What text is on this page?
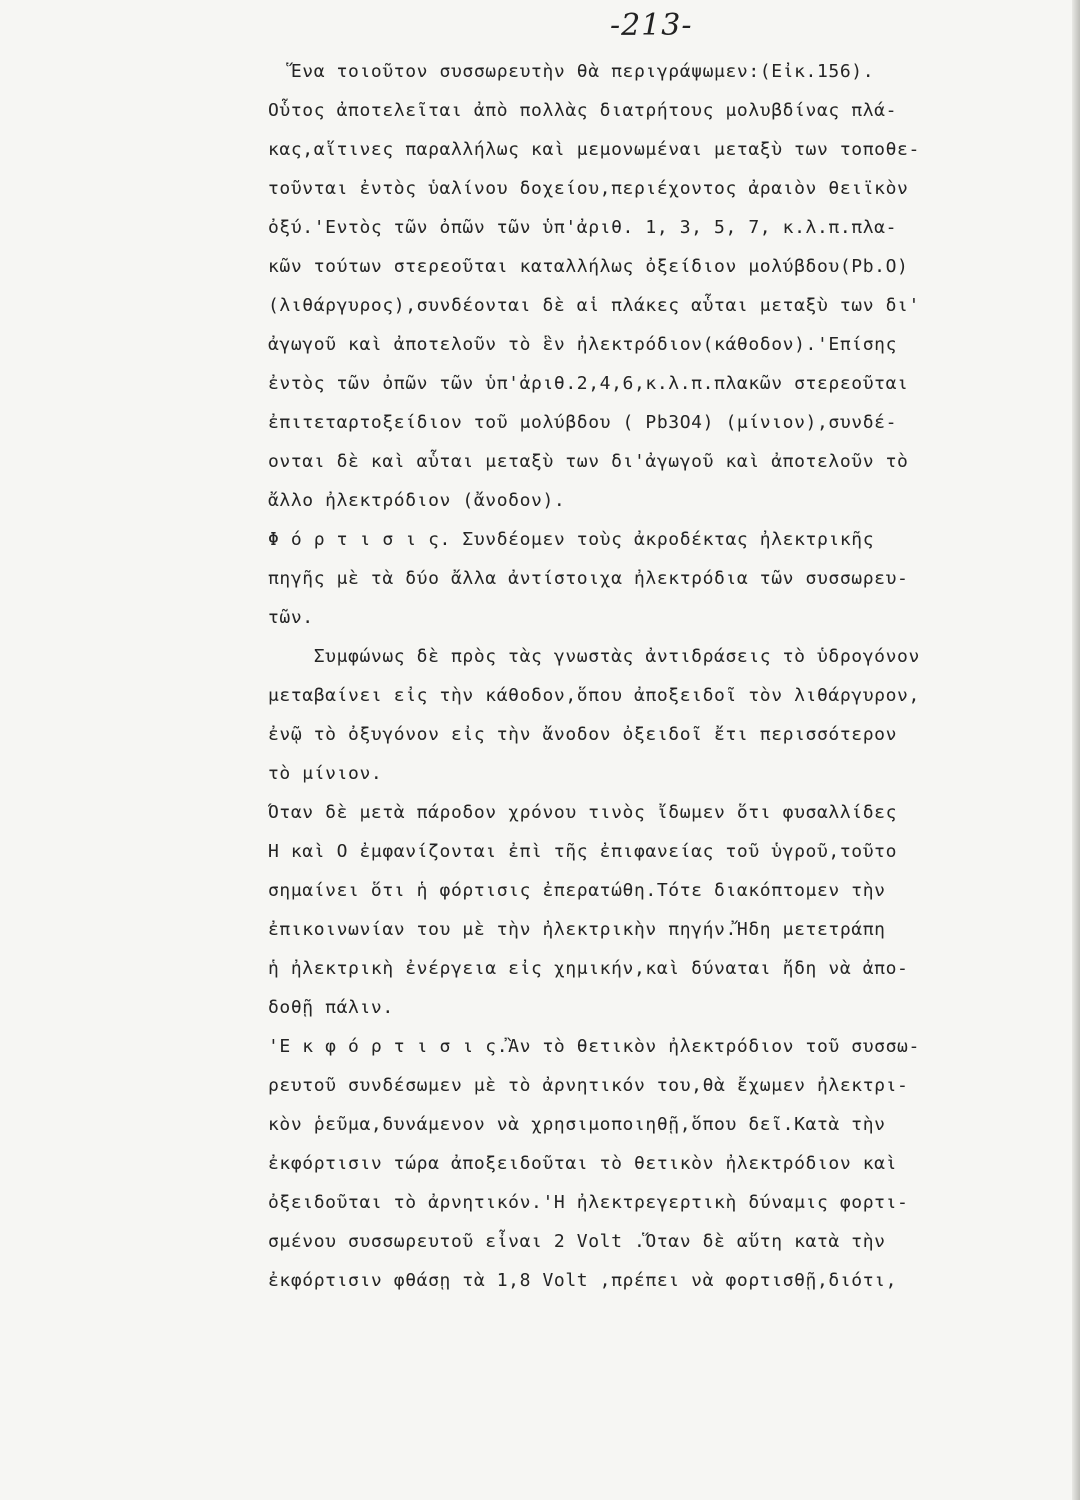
-213-
Ἕνα τοιοῦτον συσσωρευτὴν θὰ περιγράψωμεν:(Εἰκ.156).
Οὗτος ἀποτελεῖται ἀπὸ πολλὰς διατρήτους μολυβδίνας πλά-
κας,αἵτινες παραλλήλως καὶ μεμονωμέναι μεταξὺ των τοποθε-
τοῦνται ἐντὸς ὑαλίνου δοχείου,περιέχοντος ἀραιὸν θειϊκὸν
ὀξύ.'Εντὸς τῶν ὀπῶν τῶν ὑπ'ἀριθ. 1, 3, 5, 7, κ.λ.π.πλα-
κῶν τούτων στερεοῦται καταλλήλως ὀξείδιον μολύβδου(Pb.O)
(λιθάργυρος),συνδέονται δὲ αἱ πλάκες αὗται μεταξὺ των δι'
ἀγωγοῦ καὶ ἀποτελοῦν τὸ ἓν ἠλεκτρόδιον(κάθοδον).'Επίσης
ἐντὸς τῶν ὀπῶν τῶν ὑπ'ἀριθ.2,4,6,κ.λ.π.πλακῶν στερεοῦται
ἐπιτεταρτοξείδιον τοῦ μολύβδου ( Pb3O4) (μίνιον),συνδέ-
ονται δὲ καὶ αὗται μεταξὺ των δι'ἀγωγοῦ καὶ ἀποτελοῦν τὸ
ἄλλο ἠλεκτρόδιον (ἄνοδον).
Φ ό ρ τ ι σ ι ς. Συνδέομεν τοὺς ἀκροδέκτας ἠλεκτρικῆς
πηγῆς μὲ τὰ δύο ἄλλα ἀντίστοιχα ἠλεκτρόδια τῶν συσσωρευ-
τῶν.
Συμφώνως δὲ πρὸς τὰς γνωστὰς ἀντιδράσεις τὸ ὑδρογόνον
μεταβαίνει εἰς τὴν κάθοδον,ὅπου ἀποξειδοῖ τὸν λιθάργυρον,
ἐνῷ τὸ ὀξυγόνον εἰς τὴν ἄνοδον ὀξειδοῖ ἔτι περισσότερον
τὸ μίνιον.
Ὅταν δὲ μετὰ πάροδον χρόνου τινὸς ἴδωμεν ὅτι φυσαλλίδες
Η καὶ Ο ἐμφανίζονται ἐπὶ τῆς ἐπιφανείας τοῦ ὑγροῦ,τοῦτο
σημαίνει ὅτι ἡ φόρτισις ἐπερατώθη.Τότε διακόπτομεν τὴν
ἐπικοινωνίαν του μὲ τὴν ἠλεκτρικὴν πηγήν.Ἤδη μετετράπη
ἡ ἠλεκτρικὴ ἐνέργεια εἰς χημικήν,καὶ δύναται ἤδη νὰ ἀπο-
δοθῇ πάλιν.
'Ε κ φ ό ρ τ ι σ ι ς.Ἂν τὸ θετικὸν ἠλεκτρόδιον τοῦ συσσω-
ρευτοῦ συνδέσωμεν μὲ τὸ ἀρνητικόν του,θὰ ἔχωμεν ἠλεκτρι-
κὸν ῥεῦμα,δυνάμενον νὰ χρησιμοποιηθῇ,ὅπου δεῖ.Κατὰ τὴν
ἐκφόρτισιν τώρα ἀποξειδοῦται τὸ θετικὸν ἠλεκτρόδιον καὶ
ὀξειδοῦται τὸ ἀρνητικόν.'Η ἠλεκτρεγερτικὴ δύναμις φορτι-
σμένου συσσωρευτοῦ εἶναι 2 Volt .Ὅταν δὲ αὕτη κατὰ τὴν
ἐκφόρτισιν φθάσῃ τὰ 1,8 Volt ,πρέπει νὰ φορτισθῇ,διότι,
